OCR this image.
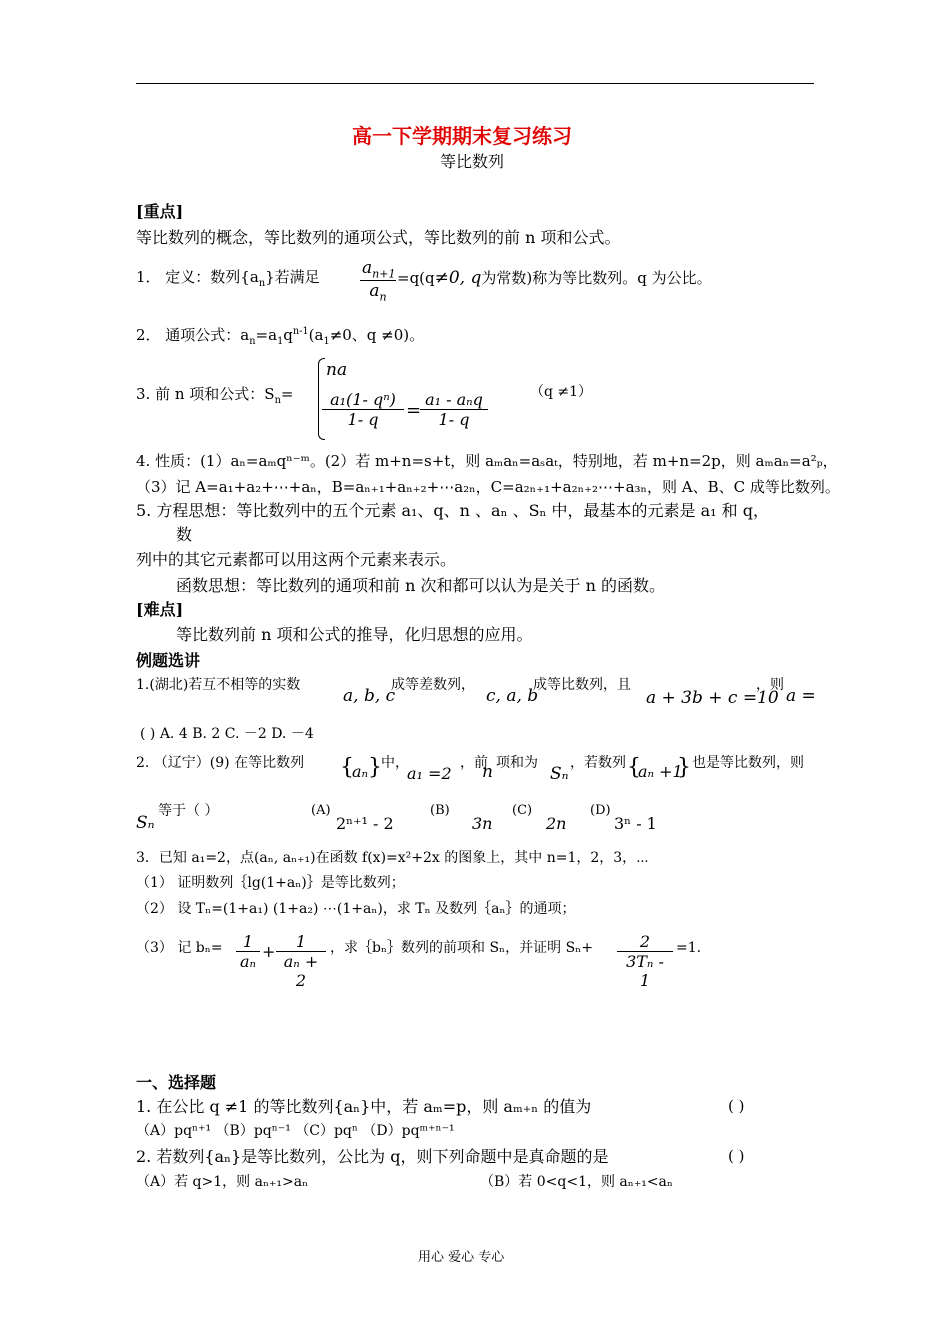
高一下学期期末复习练习
等比数列
[重点]
等比数列的概念，等比数列的通项公式，等比数列的前 n 项和公式。
1． 定义：数列$\{a_n\}$若满足 $a_{n+1}$
$a_n$
=q(q≠0, q为常数)称为等比数列。q 为公比。
2． 通项公式：$a_n=a_1q^{n-1}(a_1\ne 0$、q ≠0)。
3. 前 n 项和公式：$S_n=$
na
a₁(1- qⁿ)
1- q	=
a₁ - aₙq
1- q
（q ≠1）
4. 性质：(1）aₙ=aₘqⁿ⁻ᵐ。(2）若 m+n=s+t，则 aₘaₙ=aₛaₜ，特别地，若 m+n=2p，则 aₘaₙ=a²ₚ，
（3）记 A=a₁+a₂+⋯+aₙ，B=aₙ₊₁+aₙ₊₂+⋯a₂ₙ，C=a₂ₙ₊₁+a₂ₙ₊₂⋯+a₃ₙ，则 A、B、C 成等比数列。
5. 方程思想：等比数列中的五个元素 a₁、q、n 、aₙ 、Sₙ 中，最基本的元素是 a₁ 和 q，
数
列中的其它元素都可以用这两个元素来表示。
函数思想：等比数列的通项和前 n 次和都可以认为是关于 n 的函数。
[难点]
等比数列前 n 项和公式的推导，化归思想的应用。
例题选讲
1.(湖北)若互不相等的实数
a, b, c
成等差数列，
c, a, b
成等比数列，且
a + 3b + c =10
，则
a =
( ) A. 4 B. 2 C. －2 D. －4
2. （辽宁）(9) 在等比数列 {
aₙ } 中，
a₁ =2
，前
n 项和为
Sₙ
，若数列 {
aₙ +1
} 也是等比数列，则
Sₙ
等于（ ）	(A)
2ⁿ⁺¹ - 2
(B)
3n
(C)
2n
(D)
3ⁿ - 1
3．已知 a₁=2，点(aₙ, aₙ₊₁)在函数 f(x)=x²+2x 的图象上，其中 n=1，2，3，⋯
（1） 证明数列｛lg(1+aₙ)｝是等比数列；
（2） 设 Tₙ=(1+a₁) (1+a₂) ⋯(1+aₙ)，求 Tₙ 及数列｛aₙ｝的通项；
（3） 记 bₙ=	1
aₙ
+
1
aₙ + 2
，求｛bₙ｝数列的前项和 Sₙ，并证明 Sₙ+	2
3Tₙ - 1
=1.
一、选择题
1. 在公比 q ≠1 的等比数列{aₙ}中，若 aₘ=p，则 aₘ₊ₙ 的值为	( )
（A）pqⁿ⁺¹ （B）pqⁿ⁻¹ （C）pqⁿ （D）pqᵐ⁺ⁿ⁻¹
2. 若数列{aₙ}是等比数列，公比为 q，则下列命题中是真命题的是	( )
（A）若 q>1，则 aₙ₊₁>aₙ	（B）若 0<q<1，则 aₙ₊₁<aₙ
用心 爱心 专心
